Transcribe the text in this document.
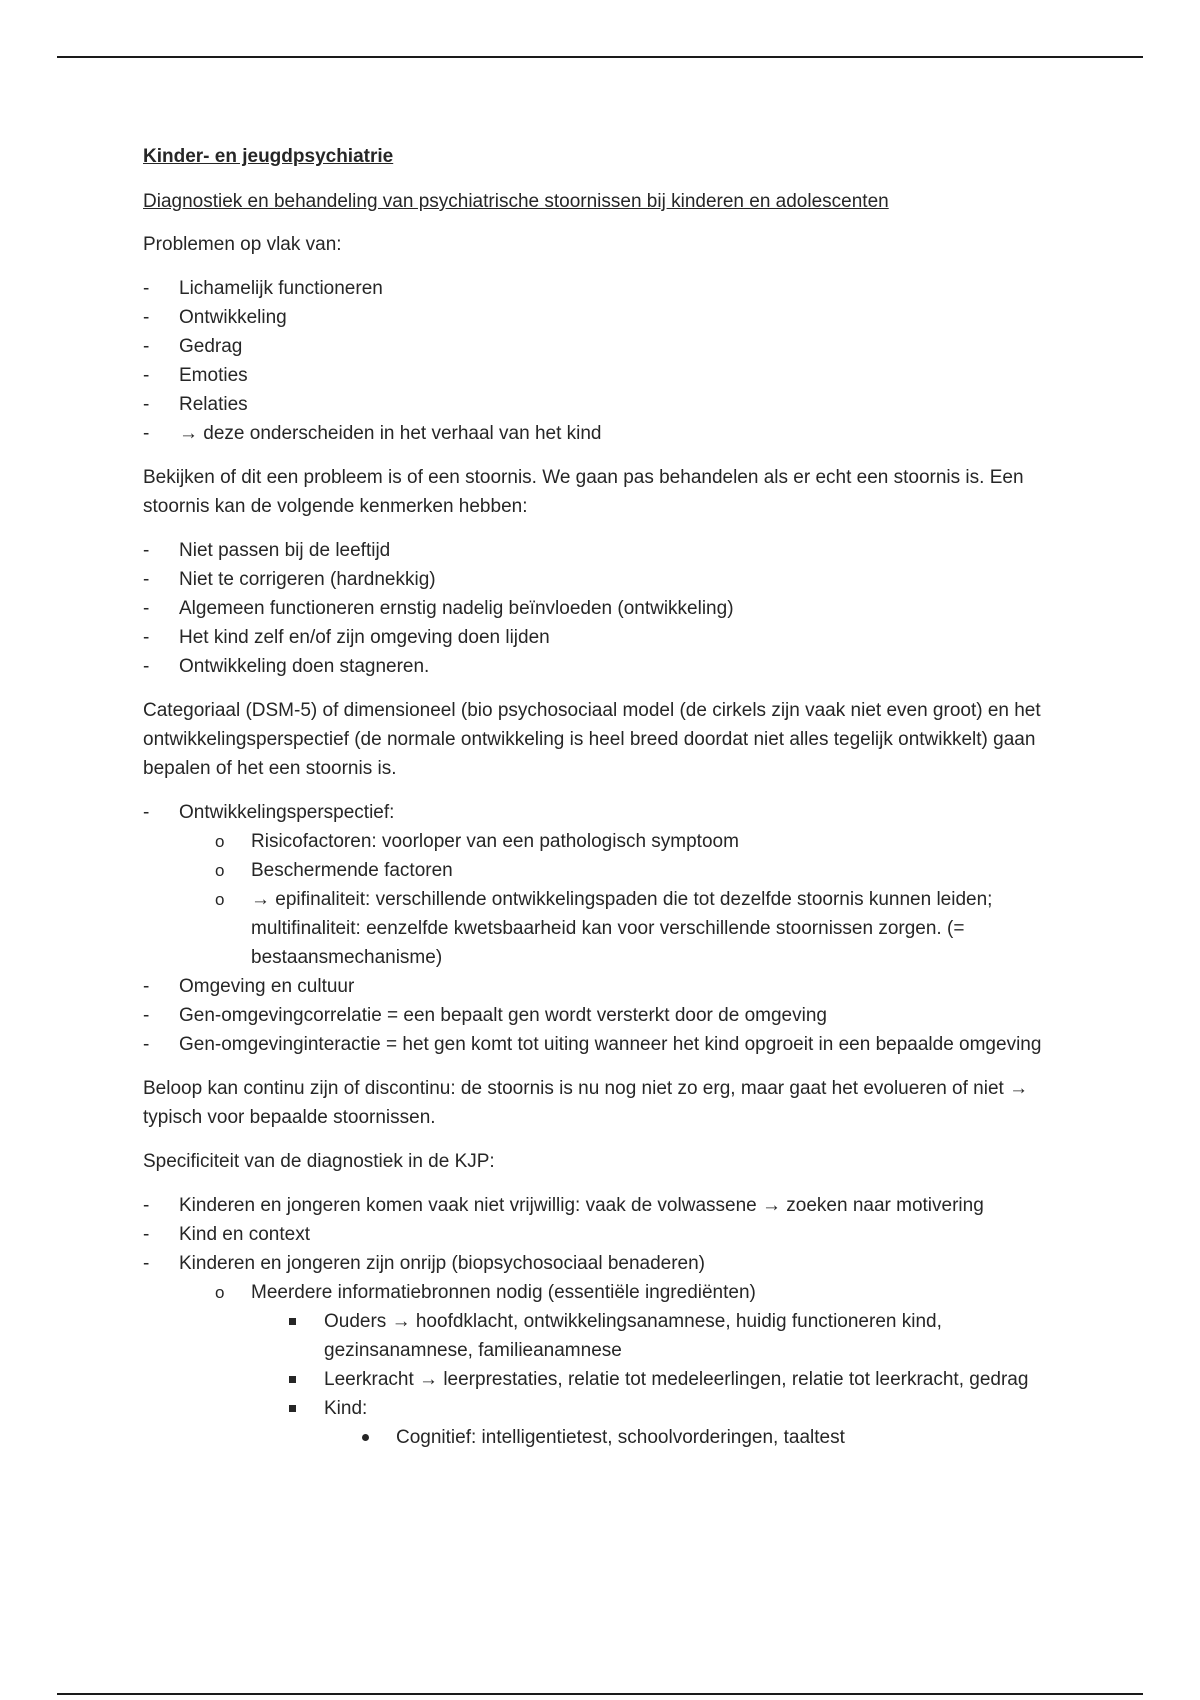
Kinder- en jeugdpsychiatrie

Diagnostiek en behandeling van psychiatrische stoornissen bij kinderen en adolescenten

Problemen op vlak van:

-	Lichamelijk functioneren
-	Ontwikkeling
-	Gedrag
-	Emoties
-	Relaties
-	→ deze onderscheiden in het verhaal van het kind

Bekijken of dit een probleem is of een stoornis. We gaan pas behandelen als er echt een stoornis is. Een stoornis kan de volgende kenmerken hebben:

-	Niet passen bij de leeftijd
-	Niet te corrigeren (hardnekkig)
-	Algemeen functioneren ernstig nadelig beïnvloeden (ontwikkeling)
-	Het kind zelf en/of zijn omgeving doen lijden
-	Ontwikkeling doen stagneren.

Categoriaal (DSM-5) of dimensioneel (bio psychosociaal model (de cirkels zijn vaak niet even groot) en het ontwikkelingsperspectief (de normale ontwikkeling is heel breed doordat niet alles tegelijk ontwikkelt) gaan bepalen of het een stoornis is.

-	Ontwikkelingsperspectief:
o	Risicofactoren: voorloper van een pathologisch symptoom
o	Beschermende factoren
o	→ epifinaliteit: verschillende ontwikkelingspaden die tot dezelfde stoornis kunnen leiden; multifinaliteit: eenzelfde kwetsbaarheid kan voor verschillende stoornissen zorgen. (= bestaansmechanisme)
-	Omgeving en cultuur
-	Gen-omgevingcorrelatie = een bepaalt gen wordt versterkt door de omgeving
-	Gen-omgevinginteractie = het gen komt tot uiting wanneer het kind opgroeit in een bepaalde omgeving

Beloop kan continu zijn of discontinu: de stoornis is nu nog niet zo erg, maar gaat het evolueren of niet → typisch voor bepaalde stoornissen.

Specificiteit van de diagnostiek in de KJP:

-	Kinderen en jongeren komen vaak niet vrijwillig: vaak de volwassene → zoeken naar motivering
-	Kind en context
-	Kinderen en jongeren zijn onrijp (biopsychosociaal benaderen)
o	Meerdere informatiebronnen nodig (essentiële ingrediënten)
Ouders → hoofdklacht, ontwikkelingsanamnese, huidig functioneren kind, gezinsanamnese, familieanamnese
Leerkracht → leerprestaties, relatie tot medeleerlingen, relatie tot leerkracht, gedrag
Kind:
Cognitief: intelligentietest, schoolvorderingen, taaltest
